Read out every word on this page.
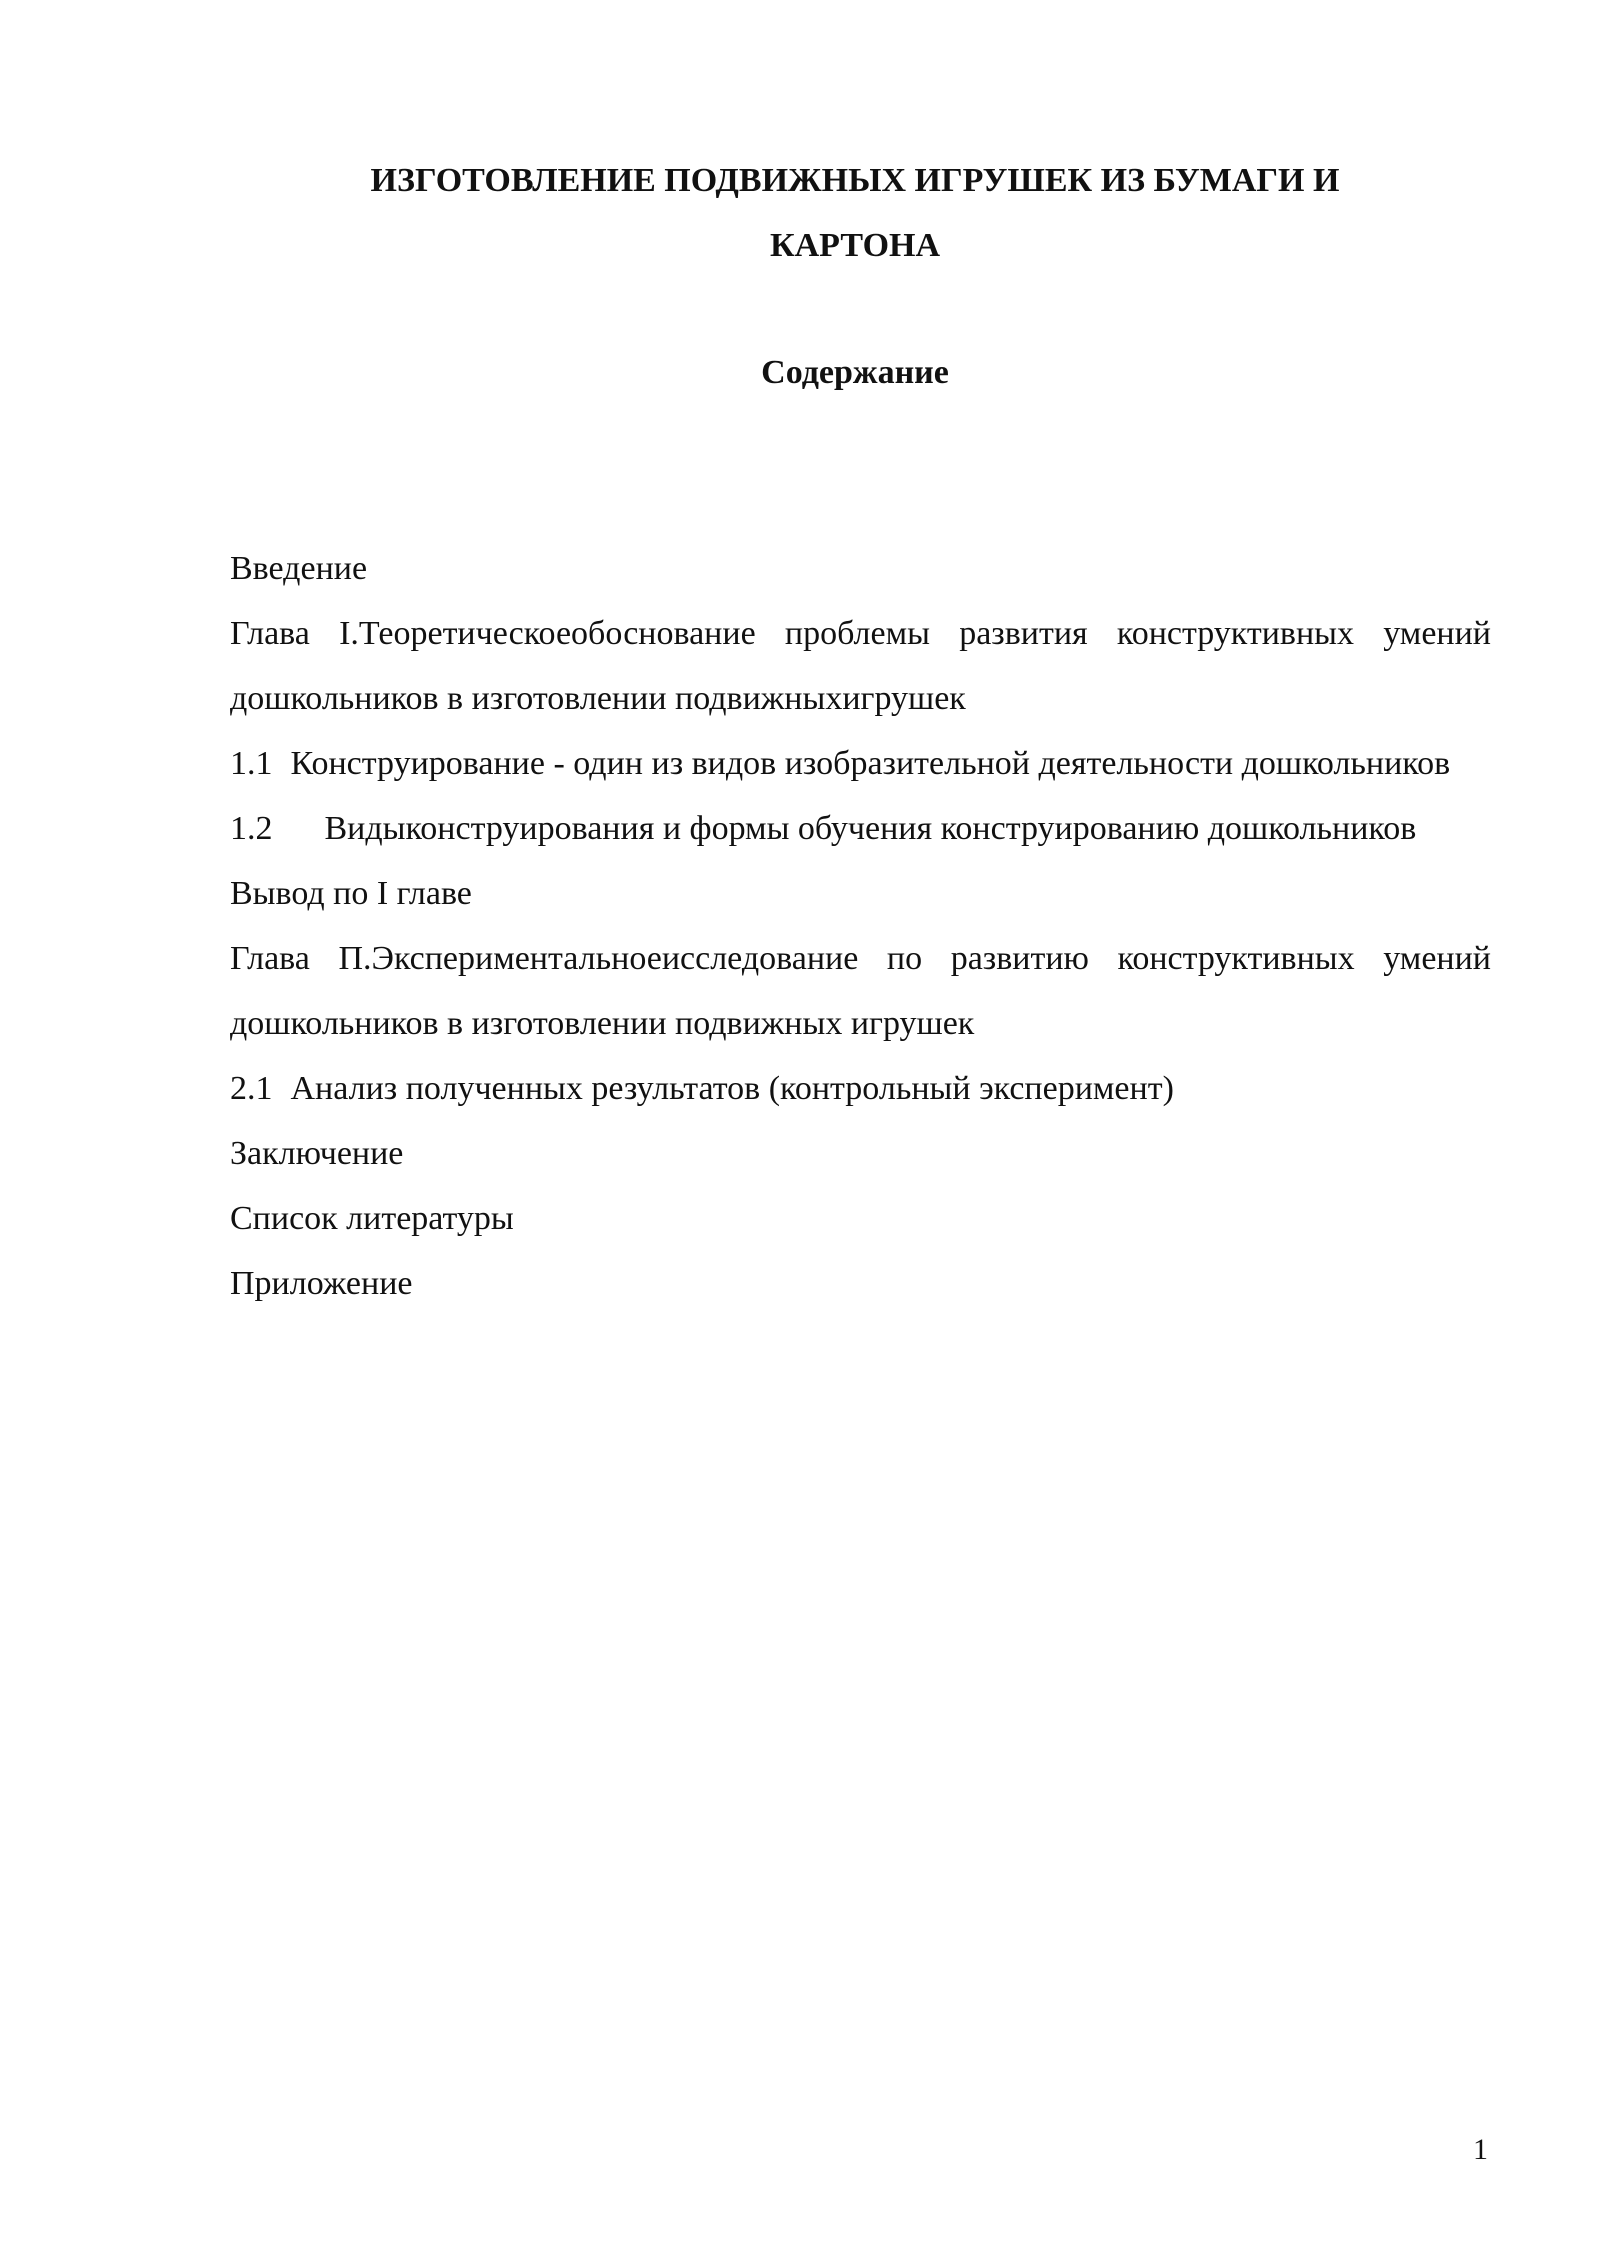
ИЗГОТОВЛЕНИЕ ПОДВИЖНЫХ ИГРУШЕК ИЗ БУМАГИ И
КАРТОНА
Содержание
Введение
Глава I.Теоретическоеобоснование проблемы развития конструктивных умений дошкольников в изготовлении подвижныхигрушек
1.1 Конструирование - один из видов изобразительной деятельности дошкольников
1.2 Видыконструирования и формы обучения конструированию дошкольников
Вывод по I главе
Глава П.Экспериментальноеисследование по развитию конструктивных умений дошкольников в изготовлении подвижных игрушек
2.1 Анализ полученных результатов (контрольный эксперимент)
Заключение
Список литературы
Приложение
1
